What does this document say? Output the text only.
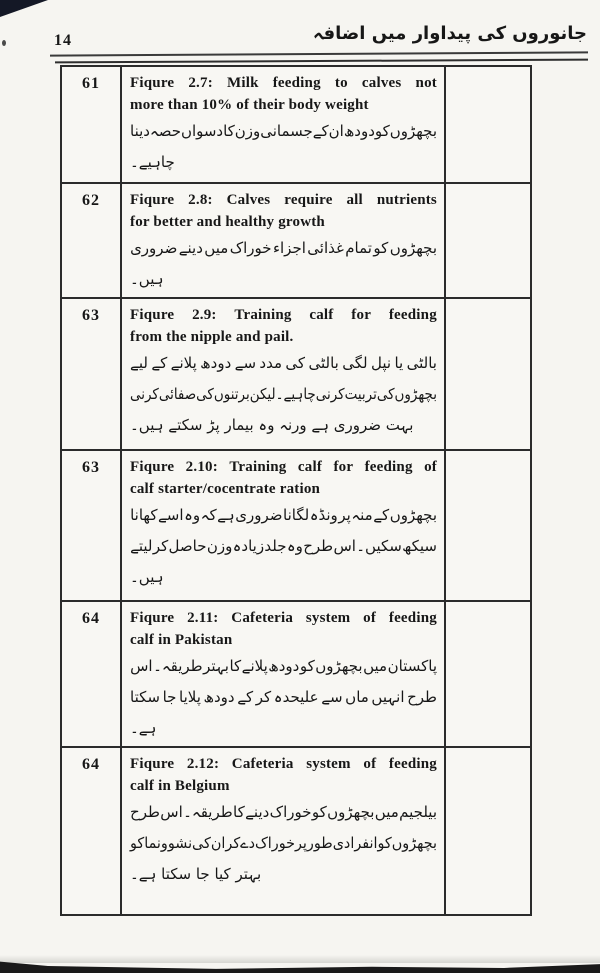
14	جانوروں کی پیداوار میں اضافہ
61	Fiqure 2.7: Milk feeding to calves not
more than 10% of their body weight
بچھڑوں
کو
دودھ
ان
کے
جسمانی
وزن
کا
دسواں
حصہ
دینا
چاہیے۔
62	Fiqure 2.8: Calves require all nutrients
for better and healthy growth
بچھڑوں
کو
تمام
غذائی
اجزاء
خوراک
میں
دینے
ضروری
ہیں۔
63	Fiqure 2.9: Training calf for feeding
from the nipple and pail.
بالٹی
یا
نپل
لگی
بالٹی
کی
مدد
سے
دودھ
پلانے
کے
لیے
بچھڑوں
کی
تربیت
کرنی
چاہیے۔
لیکن
برتنوں
کی
صفائی
کرنی
بہت ضروری ہے ورنہ وہ بیمار پڑ سکتے ہیں۔
63	Fiqure 2.10: Training calf for feeding of
calf starter/cocentrate ration
بچھڑوں
کے
منہ
پر
ونڈہ
لگانا
ضروری
ہے
کہ
وہ
اسے
کھانا
سیکھ
سکیں۔
اس
طرح
وہ
جلد
زیادہ
وزن
حاصل
کر
لیتے
ہیں۔
64	Fiqure 2.11: Cafeteria system of feeding
calf in Pakistan
پاکستان
میں
بچھڑوں
کو
دودھ
پلانے
کا
بہتر
طریقہ۔
اس
طرح
انہیں
ماں
سے
علیحدہ
کر
کے
دودھ
پلایا
جا
سکتا
ہے۔
64	Fiqure 2.12: Cafeteria system of feeding
calf in Belgium
بیلجیم
میں
بچھڑوں
کو
خوراک
دینے
کا
طریقہ۔
اس
طرح
بچھڑوں
کو
انفرادی
طور
پر
خوراک
دے
کر
ان
کی
نشوونما
کو
بہتر کیا جا سکتا ہے۔
